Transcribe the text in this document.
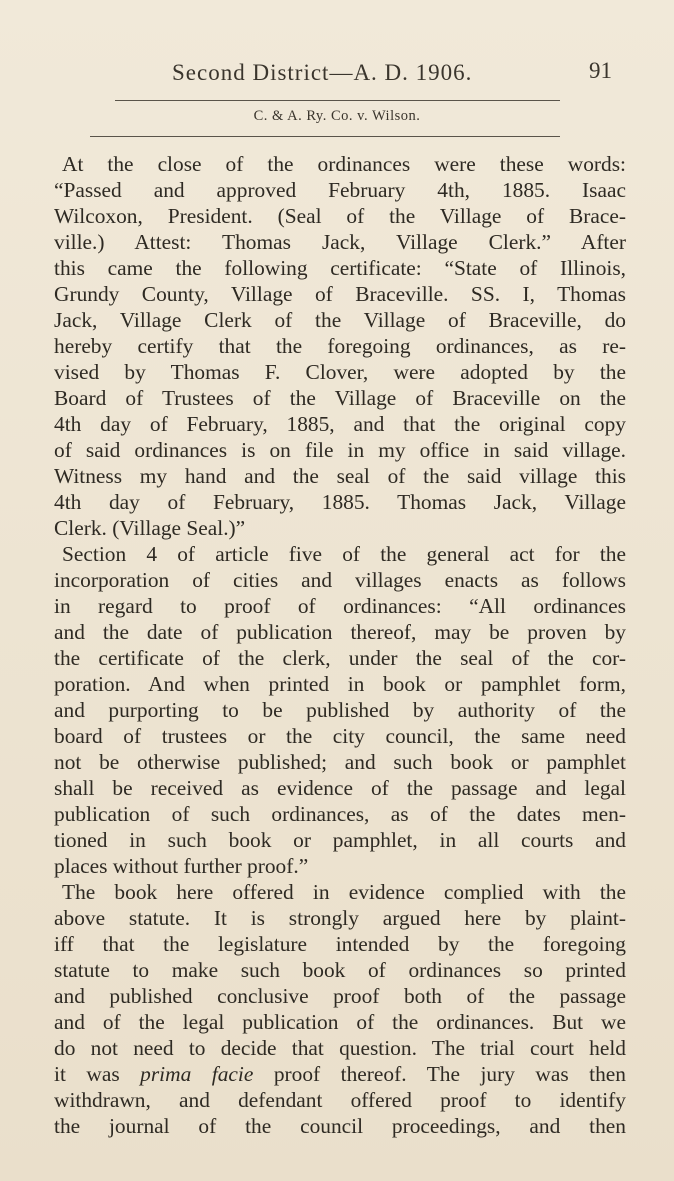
Second District—A. D. 1906.	91
C. & A. Ry. Co. v. Wilson.
At the close of the ordinances were these words:
“Passed and approved February 4th, 1885. Isaac
Wilcoxon, President. (Seal of the Village of Brace-
ville.) Attest: Thomas Jack, Village Clerk.” After
this came the following certificate: “State of Illinois,
Grundy County, Village of Braceville. SS. I, Thomas
Jack, Village Clerk of the Village of Braceville, do
hereby certify that the foregoing ordinances, as re-
vised by Thomas F. Clover, were adopted by the
Board of Trustees of the Village of Braceville on the
4th day of February, 1885, and that the original copy
of said ordinances is on file in my office in said village.
Witness my hand and the seal of the said village this
4th day of February, 1885. Thomas Jack, Village
Clerk. (Village Seal.)”
Section 4 of article five of the general act for the
incorporation of cities and villages enacts as follows
in regard to proof of ordinances: “All ordinances
and the date of publication thereof, may be proven by
the certificate of the clerk, under the seal of the cor-
poration. And when printed in book or pamphlet form,
and purporting to be published by authority of the
board of trustees or the city council, the same need
not be otherwise published; and such book or pamphlet
shall be received as evidence of the passage and legal
publication of such ordinances, as of the dates men-
tioned in such book or pamphlet, in all courts and
places without further proof.”
The book here offered in evidence complied with the
above statute. It is strongly argued here by plaint-
iff that the legislature intended by the foregoing
statute to make such book of ordinances so printed
and published conclusive proof both of the passage
and of the legal publication of the ordinances. But we
do not need to decide that question. The trial court held
it was prima facie proof thereof. The jury was then
withdrawn, and defendant offered proof to identify
the journal of the council proceedings, and then
